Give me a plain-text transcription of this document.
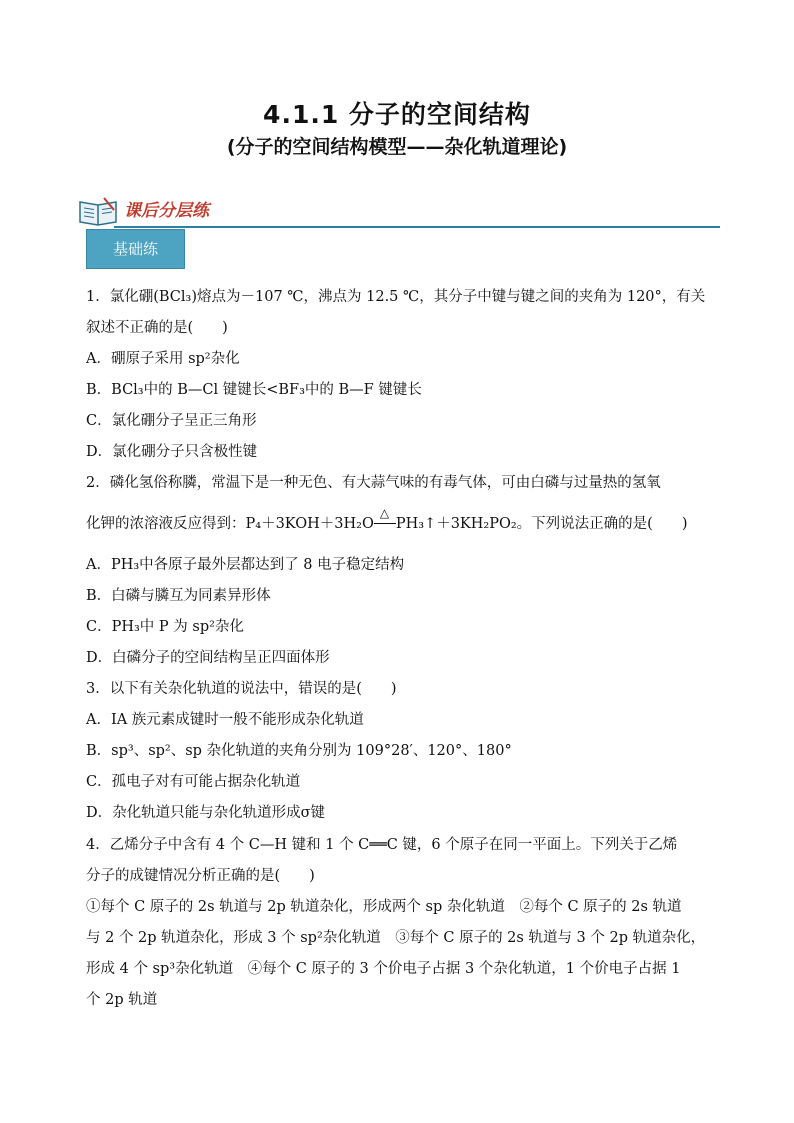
4.1.1 分子的空间结构
(分子的空间结构模型——杂化轨道理论)
课后分层练
基础练
1．氯化硼(BCl₃)熔点为－107 ℃，沸点为 12.5 ℃，其分子中键与键之间的夹角为 120°，有关
叙述不正确的是(　　)
A．硼原子采用 sp²杂化
B．BCl₃中的 B—Cl 键键长<BF₃中的 B—F 键键长
C．氯化硼分子呈正三角形
D．氯化硼分子只含极性键
2．磷化氢俗称膦，常温下是一种无色、有大蒜气味的有毒气体，可由白磷与过量热的氢氧
化钾的浓溶液反应得到：P₄＋3KOH＋3H₂O
△
PH₃↑＋3KH₂PO₂。下列说法正确的是(　　)
A．PH₃中各原子最外层都达到了 8 电子稳定结构
B．白磷与膦互为同素异形体
C．PH₃中 P 为 sp²杂化
D．白磷分子的空间结构呈正四面体形
3．以下有关杂化轨道的说法中，错误的是(　　)
A．ⅠA 族元素成键时一般不能形成杂化轨道
B．sp³、sp²、sp 杂化轨道的夹角分别为 109°28′、120°、180°
C．孤电子对有可能占据杂化轨道
D．杂化轨道只能与杂化轨道形成σ键
4．乙烯分子中含有 4 个 C—H 键和 1 个 C══C 键，6 个原子在同一平面上。下列关于乙烯
分子的成键情况分析正确的是(　　)
①每个 C 原子的 2s 轨道与 2p 轨道杂化，形成两个 sp 杂化轨道　②每个 C 原子的 2s 轨道
与 2 个 2p 轨道杂化，形成 3 个 sp²杂化轨道　③每个 C 原子的 2s 轨道与 3 个 2p 轨道杂化，
形成 4 个 sp³杂化轨道　④每个 C 原子的 3 个价电子占据 3 个杂化轨道，1 个价电子占据 1
个 2p 轨道
